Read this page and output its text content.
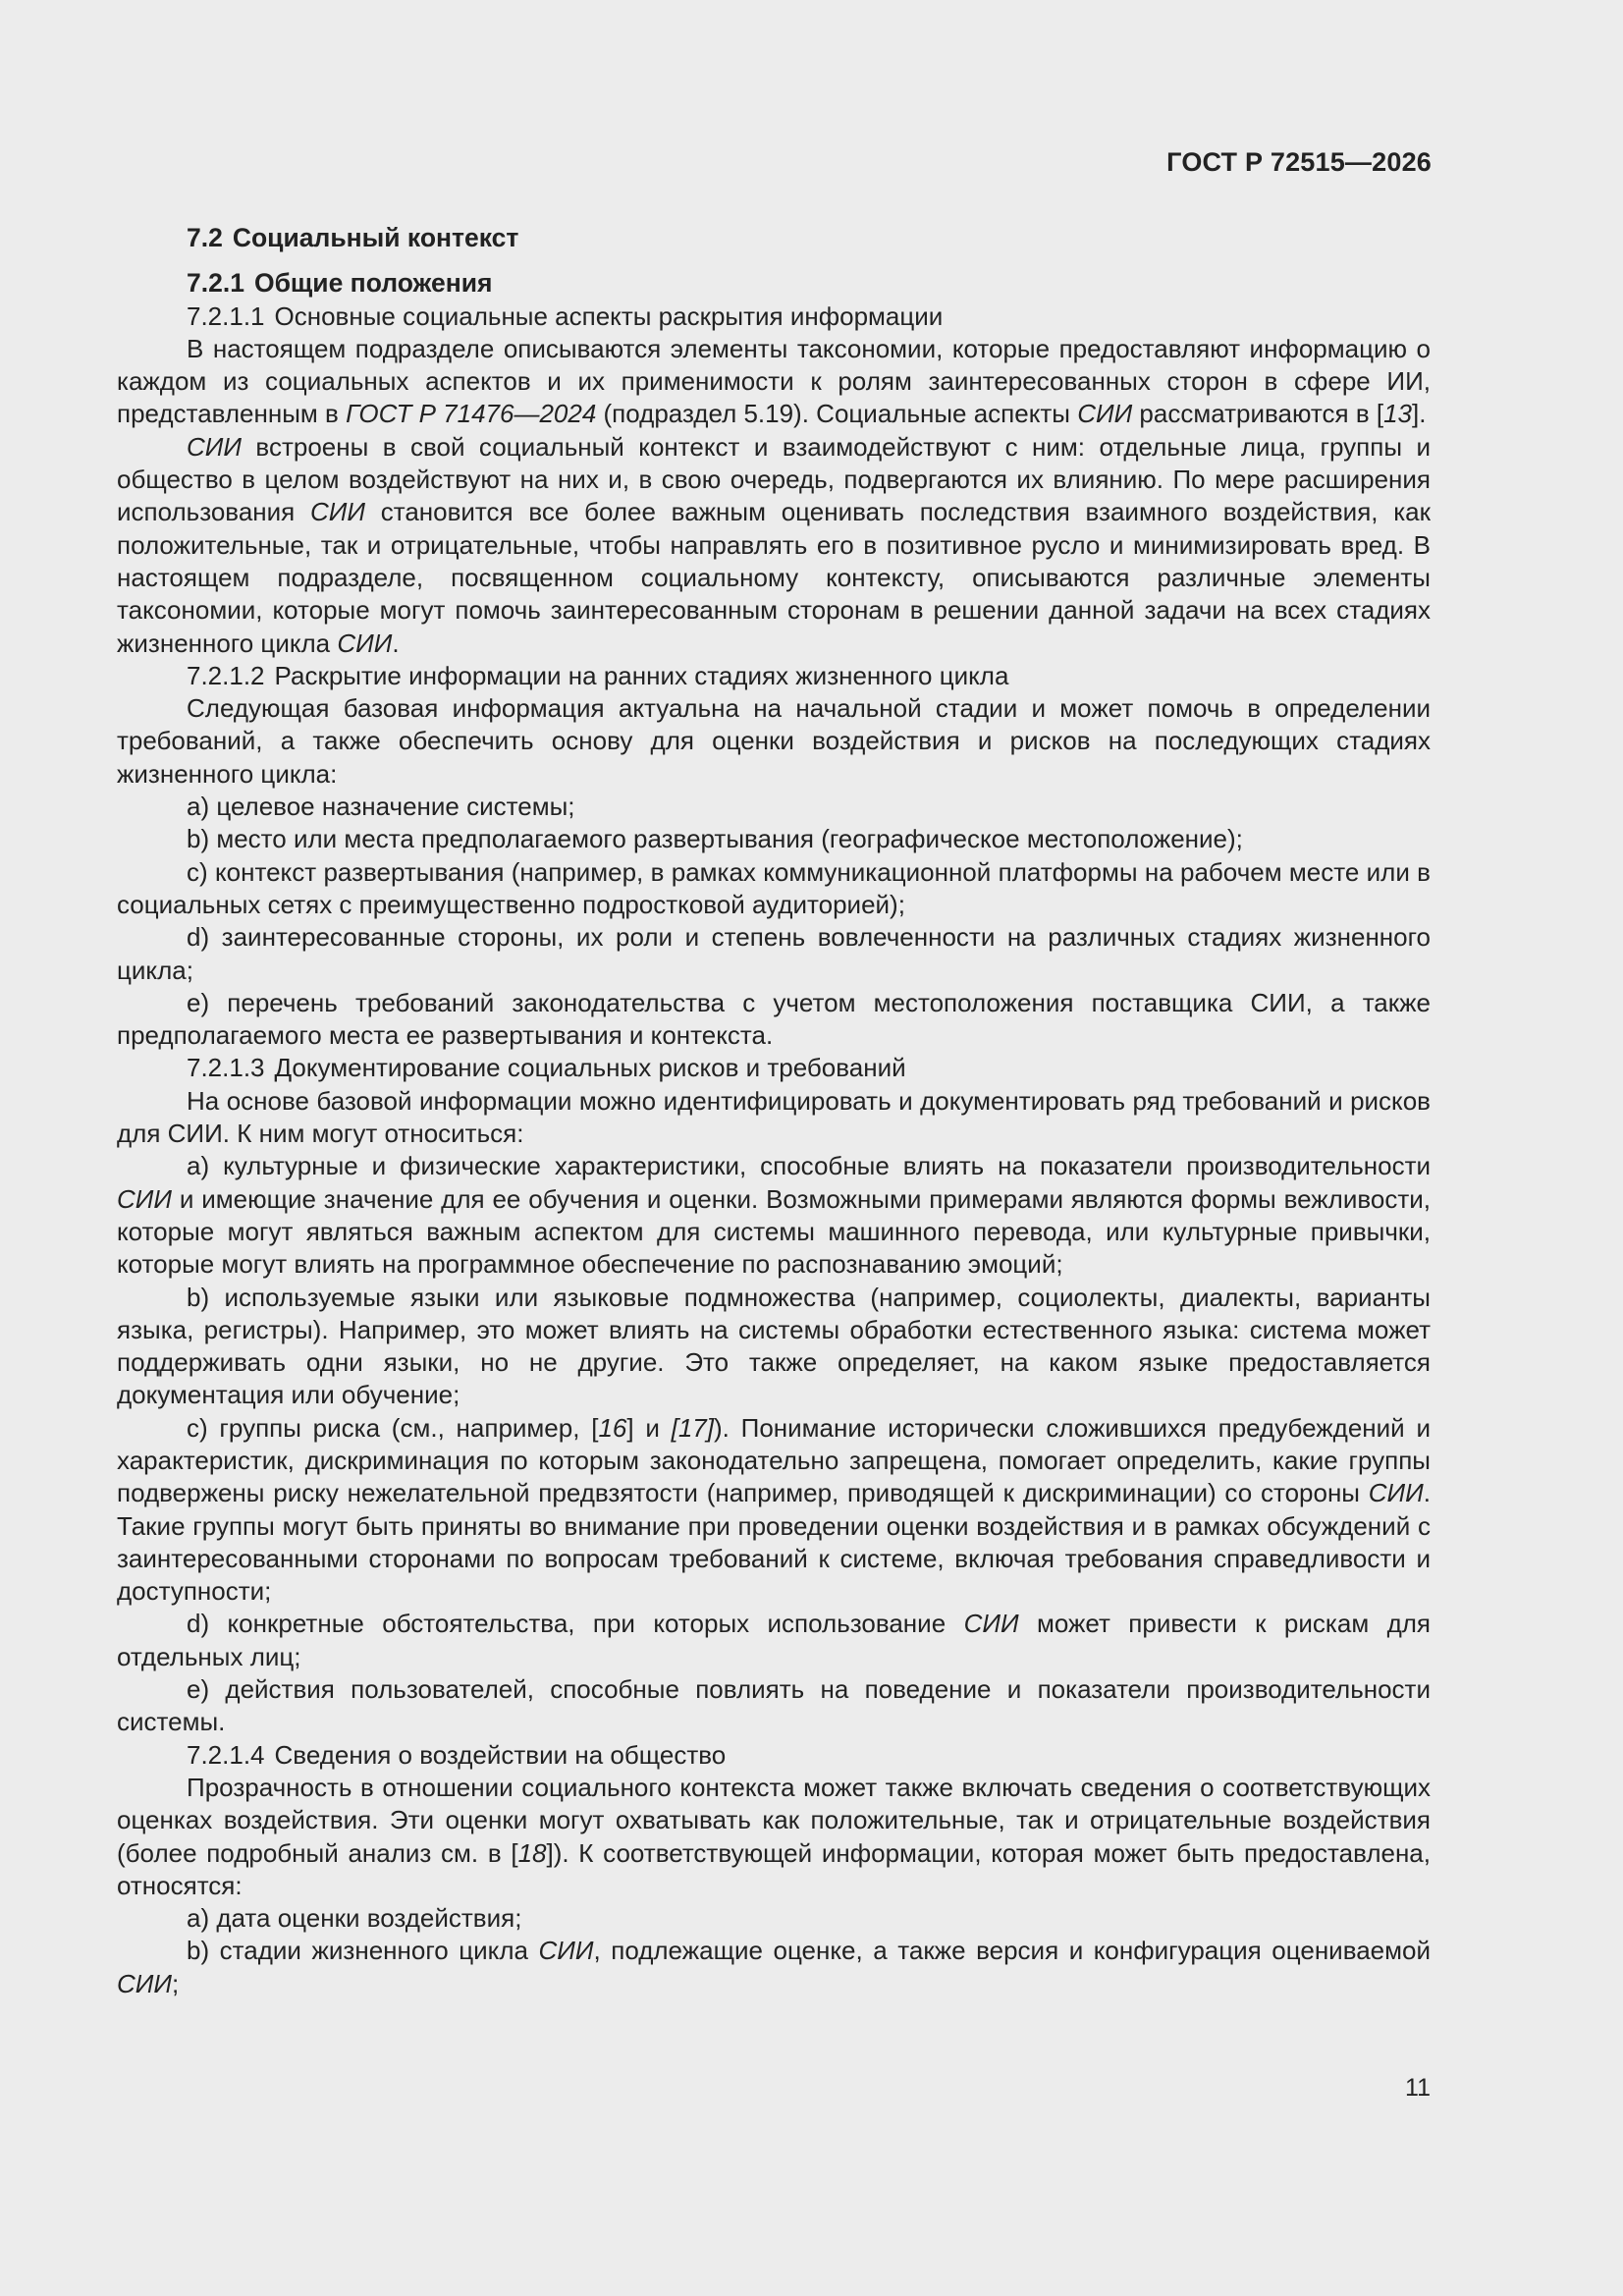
ГОСТ Р 72515—2026

7.2 Социальный контекст

7.2.1 Общие положения

7.2.1.1 Основные социальные аспекты раскрытия информации

В настоящем подразделе описываются элементы таксономии, которые предоставляют информацию о каждом из социальных аспектов и их применимости к ролям заинтересованных сторон в сфере ИИ, представленным в ГОСТ Р 71476—2024 (подраздел 5.19). Социальные аспекты СИИ рассматриваются в [13].

СИИ встроены в свой социальный контекст и взаимодействуют с ним: отдельные лица, группы и общество в целом воздействуют на них и, в свою очередь, подвергаются их влиянию. По мере расширения использования СИИ становится все более важным оценивать последствия взаимного воздействия, как положительные, так и отрицательные, чтобы направлять его в позитивное русло и минимизировать вред. В настоящем подразделе, посвященном социальному контексту, описываются различные элементы таксономии, которые могут помочь заинтересованным сторонам в решении данной задачи на всех стадиях жизненного цикла СИИ.

7.2.1.2 Раскрытие информации на ранних стадиях жизненного цикла

Следующая базовая информация актуальна на начальной стадии и может помочь в определении требований, а также обеспечить основу для оценки воздействия и рисков на последующих стадиях жизненного цикла:

а) целевое назначение системы;

b) место или места предполагаемого развертывания (географическое местоположение);

c) контекст развертывания (например, в рамках коммуникационной платформы на рабочем месте или в социальных сетях с преимущественно подростковой аудиторией);

d) заинтересованные стороны, их роли и степень вовлеченности на различных стадиях жизненного цикла;

e) перечень требований законодательства с учетом местоположения поставщика СИИ, а также предполагаемого места ее развертывания и контекста.

7.2.1.3 Документирование социальных рисков и требований

На основе базовой информации можно идентифицировать и документировать ряд требований и рисков для СИИ. К ним могут относиться:

а) культурные и физические характеристики, способные влиять на показатели производительности СИИ и имеющие значение для ее обучения и оценки. Возможными примерами являются формы вежливости, которые могут являться важным аспектом для системы машинного перевода, или культурные привычки, которые могут влиять на программное обеспечение по распознаванию эмоций;

b) используемые языки или языковые подмножества (например, социолекты, диалекты, варианты языка, регистры). Например, это может влиять на системы обработки естественного языка: система может поддерживать одни языки, но не другие. Это также определяет, на каком языке предоставляется документация или обучение;

c) группы риска (см., например, [16] и [17]). Понимание исторически сложившихся предубеждений и характеристик, дискриминация по которым законодательно запрещена, помогает определить, какие группы подвержены риску нежелательной предвзятости (например, приводящей к дискриминации) со стороны СИИ. Такие группы могут быть приняты во внимание при проведении оценки воздействия и в рамках обсуждений с заинтересованными сторонами по вопросам требований к системе, включая требования справедливости и доступности;

d) конкретные обстоятельства, при которых использование СИИ может привести к рискам для отдельных лиц;

e) действия пользователей, способные повлиять на поведение и показатели производительности системы.

7.2.1.4 Сведения о воздействии на общество

Прозрачность в отношении социального контекста может также включать сведения о соответствующих оценках воздействия. Эти оценки могут охватывать как положительные, так и отрицательные воздействия (более подробный анализ см. в [18]). К соответствующей информации, которая может быть предоставлена, относятся:

а) дата оценки воздействия;

b) стадии жизненного цикла СИИ, подлежащие оценке, а также версия и конфигурация оцениваемой СИИ;

11
